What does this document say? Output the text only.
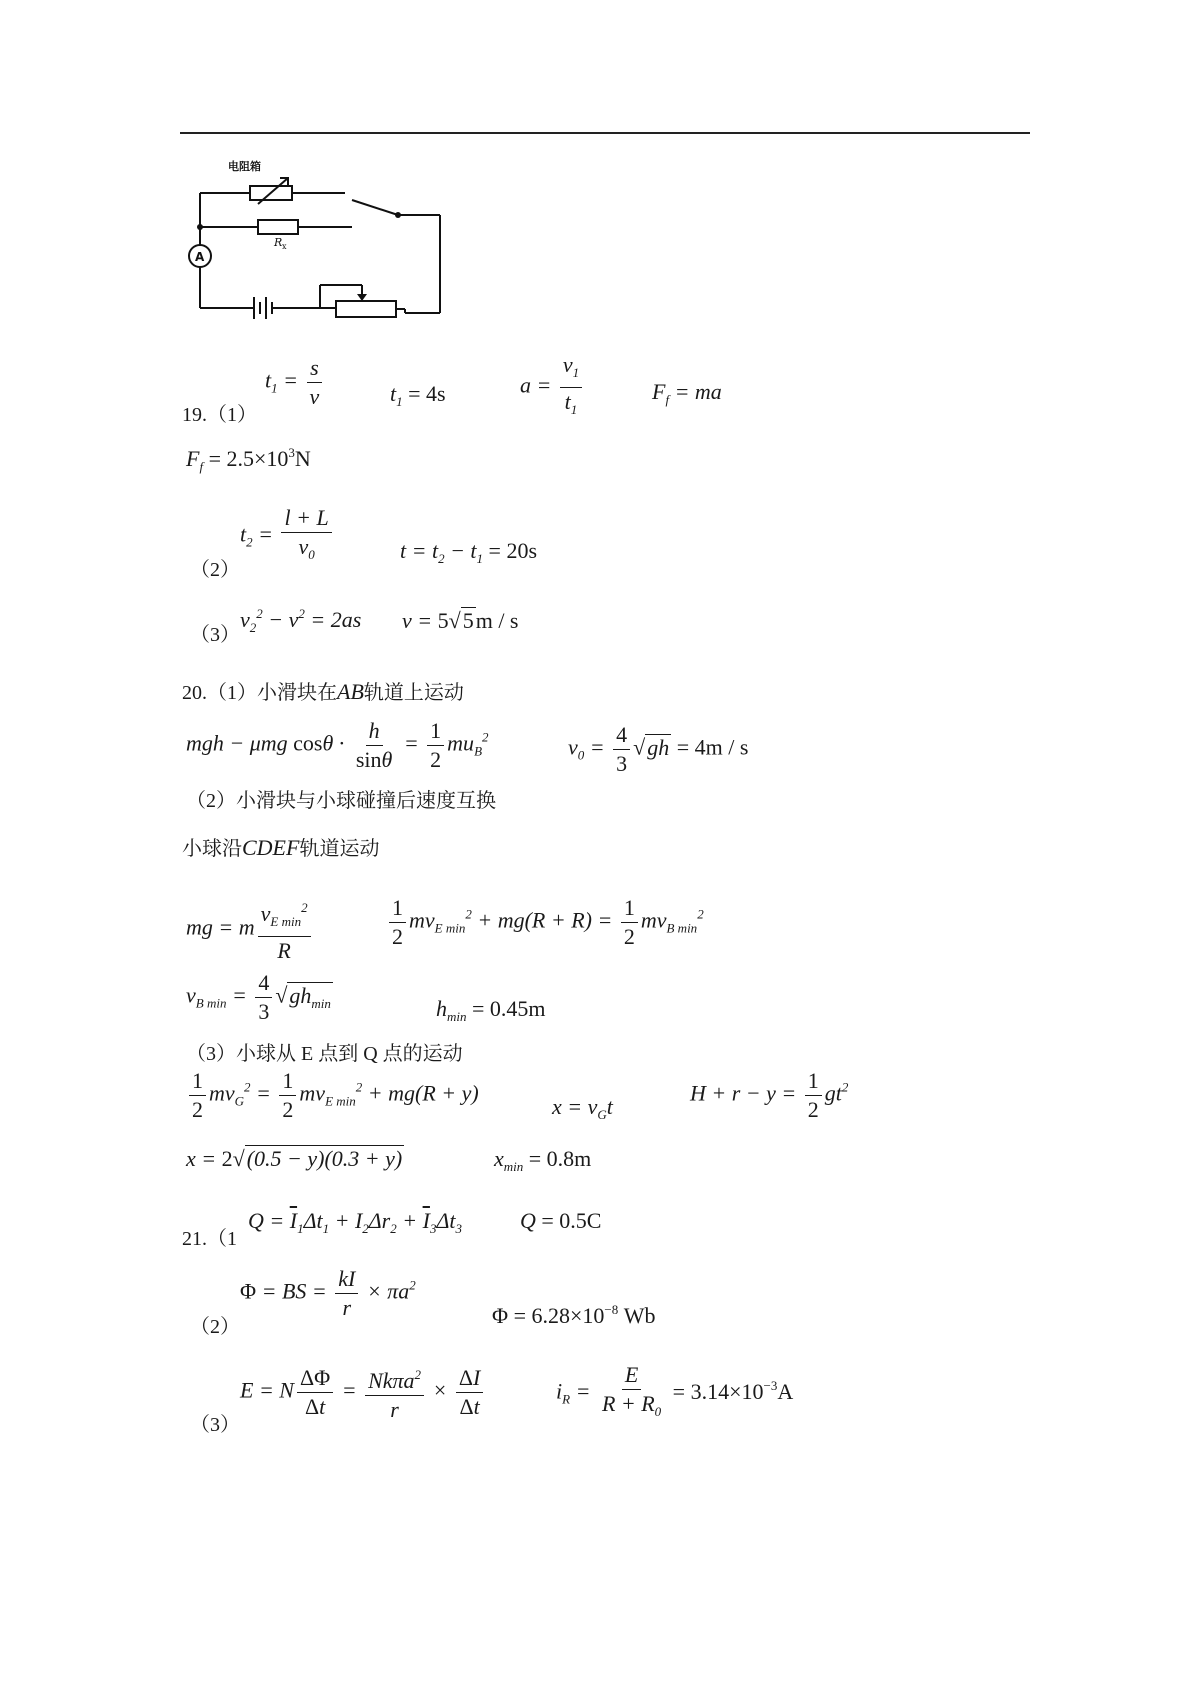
电阻箱
R x
A
19.（1）
$t_1 = \frac{s}{v}$	$t_1 = 4s$	$a = \frac{v_1}{t_1}$	$F_f$ = ma
$F_f = 2.5\times 10^3N$
（2）
$t_2 = \frac{l + L}{v_0}$	$t = t_2 - t_1 = 20s$
（3）
$v_2^2 - v^2 = 2as$ v = 5√5m / s
20.（1）小滑块在AB轨道上运动
mgh − μmg $\cos\theta \cdot \frac{h}{\sin\theta} = \frac{1}{2} mu_B^2$	$v_0 = \frac{4}{3} √gh = 4m / s$
（2）小滑块与小球碰撞后速度互换
小球沿CDEF轨道运动
mg = m $\frac{v_{E min}^2}{R}$	$\frac{1}{2} mv_{E min}^2 + mg(R + R) = \frac{1}{2} mv_{B min}^2$
$v_{B min} = \frac{4}{3} √gh_{min}$	$h_{min} = 0.45m$
（3）小球从 E 点到 Q 点的运动
$\frac{1}{2} mv_G^2 = \frac{1}{2} mv_{E min}^2 + mg(R + y)$
$x = v_Gt$
$H + r - y = \frac{1}{2} gt^2$
x = 2√(0.5 − y)(0.3 + y)	$x_{min} = 0.8m$
21.（1
$Q = \overline{I}_1\Delta t_1 + I_2\Delta r_2 + \overline{I}_3\Delta t_3$	Q = 0.5C
（2）
Φ = BS = $\frac{kI}{r} \times \pi a^2$
$\Phi = 6.28\times 10^{-8}$ Wb
（3）
E = N $\frac{\Delta\Phi}{\Delta t} = \frac{Nk\pi a^2}{r} \times \frac{\Delta I}{\Delta t}$	$i_R = \frac{E}{R + R_0} = 3.14\times 10^{-3}A$
